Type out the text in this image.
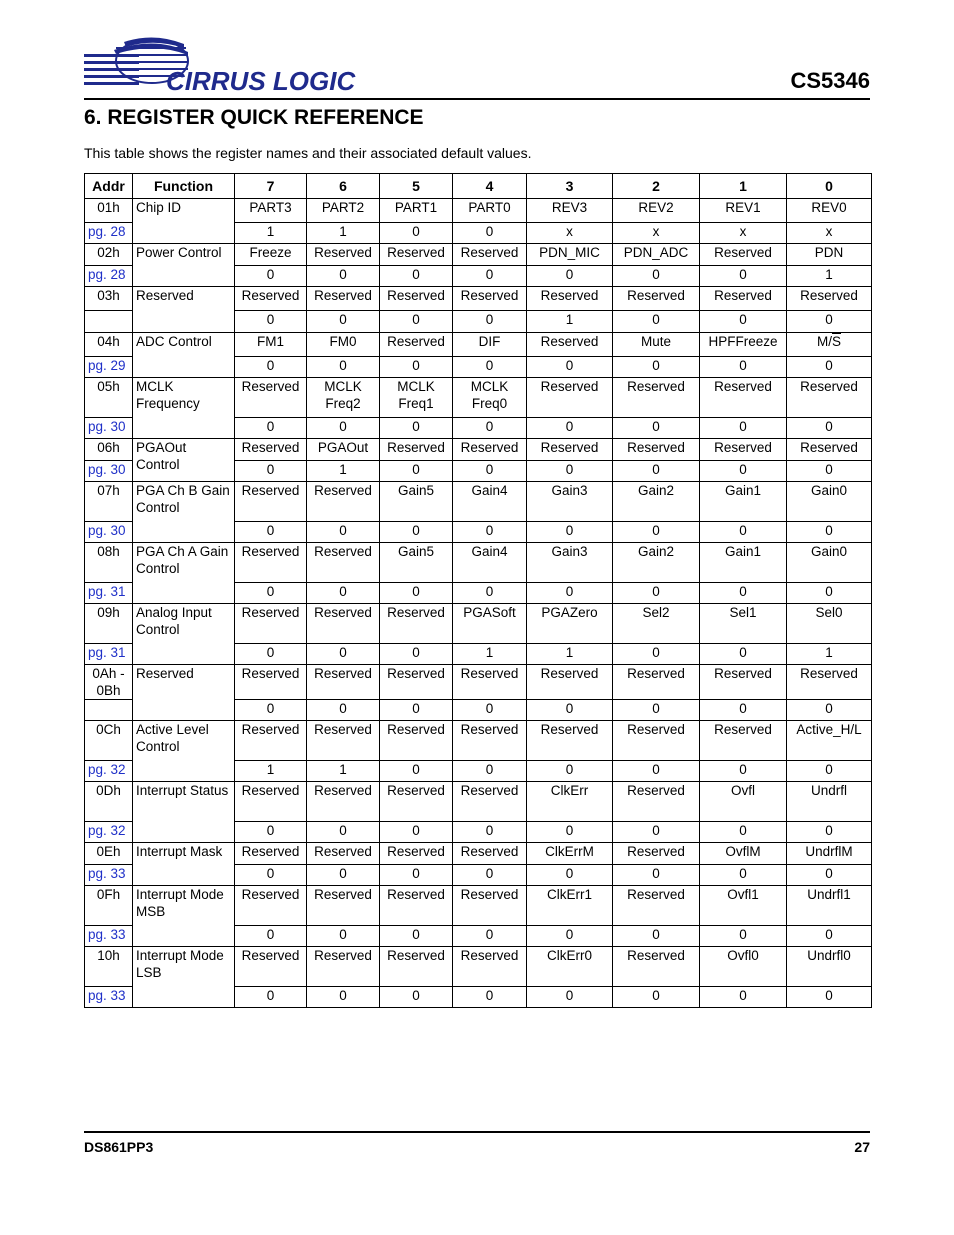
CIRRUS LOGIC	CS5346
6. REGISTER QUICK REFERENCE
This table shows the register names and their associated default values.
Addr	Function	7	6	5	4	3	2	1	0
01h	Chip ID	PART3	PART2	PART1	PART0	REV3	REV2	REV1	REV0
pg. 28		1	1	0	0	x	x	x	x
02h	Power Control	Freeze	Reserved	Reserved	Reserved	PDN_MIC	PDN_ADC	Reserved	PDN
pg. 28		0	0	0	0	0	0	0	1
03h	Reserved	Reserved	Reserved	Reserved	Reserved	Reserved	Reserved	Reserved	Reserved
		0	0	0	0	1	0	0	0
04h	ADC Control	FM1	FM0	Reserved	DIF	Reserved	Mute	HPFFreeze	$M/\overline{S}$
pg. 29		0	0	0	0	0	0	0	0
05h	MCLK Frequency	Reserved	MCLK Freq2	MCLK Freq1	MCLK Freq0	Reserved	Reserved	Reserved	Reserved
pg. 30		0	0	0	0	0	0	0	0
06h	PGAOut Control	Reserved	PGAOut	Reserved	Reserved	Reserved	Reserved	Reserved	Reserved
pg. 30		0	1	0	0	0	0	0	0
07h	PGA Ch B Gain Control	Reserved	Reserved	Gain5	Gain4	Gain3	Gain2	Gain1	Gain0
pg. 30		0	0	0	0	0	0	0	0
08h	PGA Ch A Gain Control	Reserved	Reserved	Gain5	Gain4	Gain3	Gain2	Gain1	Gain0
pg. 31		0	0	0	0	0	0	0	0
09h	Analog Input Control	Reserved	Reserved	Reserved	PGASoft	PGAZero	Sel2	Sel1	Sel0
pg. 31		0	0	0	1	1	0	0	1
0Ah - 0Bh	Reserved	Reserved	Reserved	Reserved	Reserved	Reserved	Reserved	Reserved	Reserved
		0	0	0	0	0	0	0	0
0Ch	Active Level Control	Reserved	Reserved	Reserved	Reserved	Reserved	Reserved	Reserved	Active_H/L
pg. 32		1	1	0	0	0	0	0	0
0Dh	Interrupt Status	Reserved	Reserved	Reserved	Reserved	ClkErr	Reserved	Ovfl	Undrfl
pg. 32		0	0	0	0	0	0	0	0
0Eh	Interrupt Mask	Reserved	Reserved	Reserved	Reserved	ClkErrM	Reserved	OvflM	UndrflM
pg. 33		0	0	0	0	0	0	0	0
0Fh	Interrupt Mode MSB	Reserved	Reserved	Reserved	Reserved	ClkErr1	Reserved	Ovfl1	Undrfl1
pg. 33		0	0	0	0	0	0	0	0
10h	Interrupt Mode LSB	Reserved	Reserved	Reserved	Reserved	ClkErr0	Reserved	Ovfl0	Undrfl0
pg. 33		0	0	0	0	0	0	0	0
DS861PP3	27
